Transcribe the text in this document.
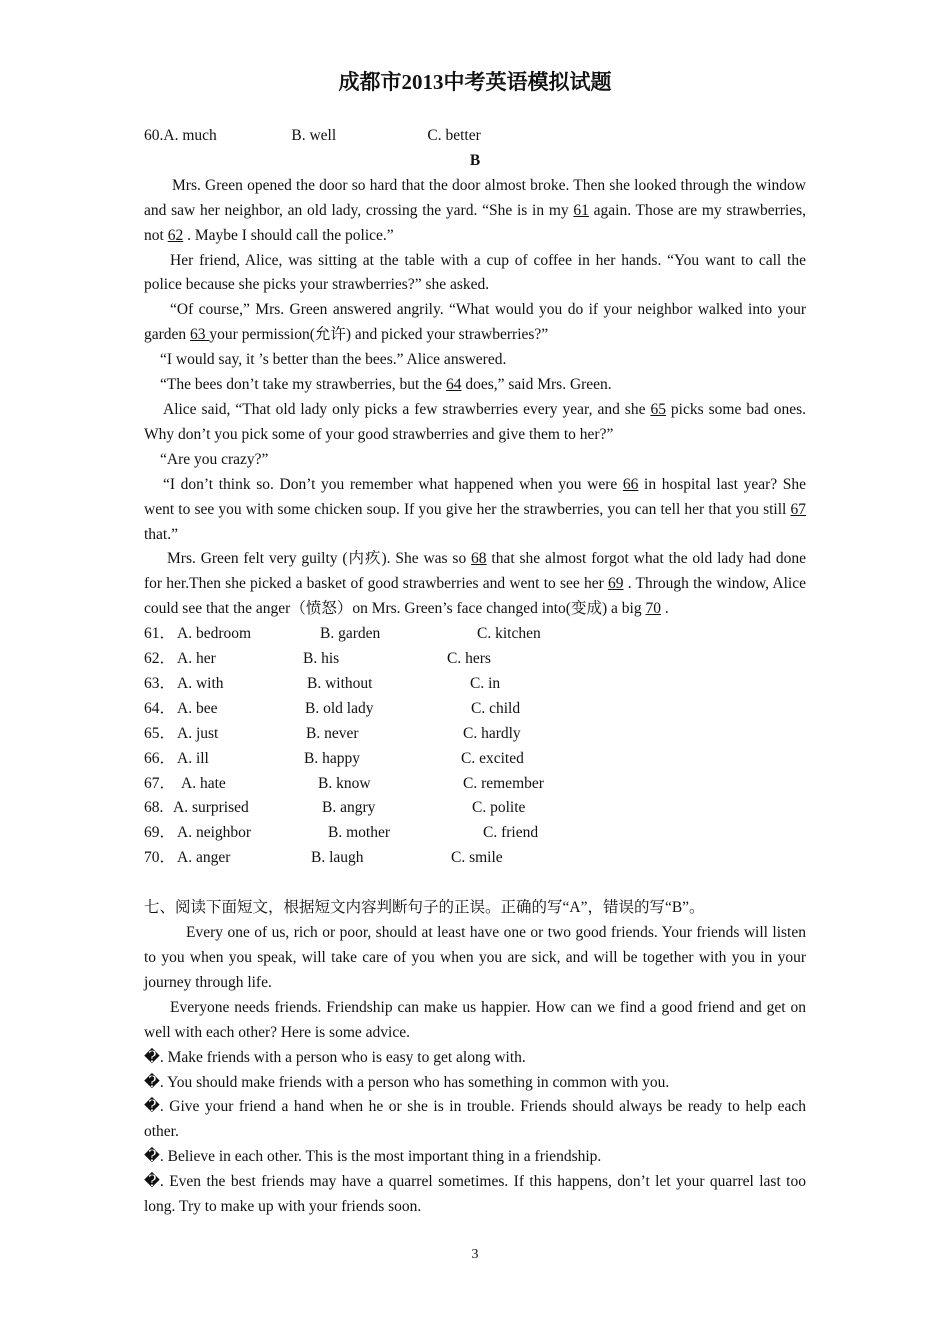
成都市2013中考英语模拟试题
60. A. much	B. well	C. better
B

Mrs. Green opened the door so hard that the door almost broke. Then she looked through the window and saw her neighbor, an old lady, crossing the yard. “She is in my 61 again. Those are my strawberries, not 62 . Maybe I should call the police.”

Her friend, Alice, was sitting at the table with a cup of coffee in her hands. “You want to call the police because she picks your strawberries?” she asked.

“Of course,” Mrs. Green answered angrily. “What would you do if your neighbor walked into your garden 63 your permission(允许) and picked your strawberries?”

“I would say, it ’s better than the bees.” Alice answered.

“The bees don’t take my strawberries, but the 64 does,” said Mrs. Green.

Alice said, “That old lady only picks a few strawberries every year, and she 65 picks some bad ones. Why don’t you pick some of your good strawberries and give them to her?”

“Are you crazy?”

“I don’t think so. Don’t you remember what happened when you were 66 in hospital last year? She went to see you with some chicken soup. If you give her the strawberries, you can tell her that you still 67 that.”

Mrs. Green felt very guilty (内疚). She was so 68 that she almost forgot what the old lady had done for her.Then she picked a basket of good strawberries and went to see her 69 . Through the window, Alice could see that the anger（愤怒）on Mrs. Green’s face changed into(变成) a big 70 .

61． A. bedroom	B. garden	C. kitchen
62． A. her	B. his	C. hers
63． A. with	B. without	C. in
64． A. bee	B. old lady	C. child
65． A. just	B. never	C. hardly
66． A. ill	B. happy	C. excited
67． A. hate	B. know	C. remember
68. A. surprised	B. angry	C. polite
69． A. neighbor	B. mother	C. friend
70． A. anger	B. laugh	C. smile
七、阅读下面短文，根据短文内容判断句子的正误。正确的写“A”，错误的写“B”。

Every one of us, rich or poor, should at least have one or two good friends. Your friends will listen to you when you speak, will take care of you when you are sick, and will be together with you in your journey through life.

Everyone needs friends. Friendship can make us happier. How can we find a good friend and get on well with each other? Here is some advice.

�. Make friends with a person who is easy to get along with.

�. You should make friends with a person who has something in common with you.

�. Give your friend a hand when he or she is in trouble. Friends should always be ready to help each other.

�. Believe in each other. This is the most important thing in a friendship.

�. Even the best friends may have a quarrel sometimes. If this happens, don’t let your quarrel last too long. Try to make up with your friends soon.

3
